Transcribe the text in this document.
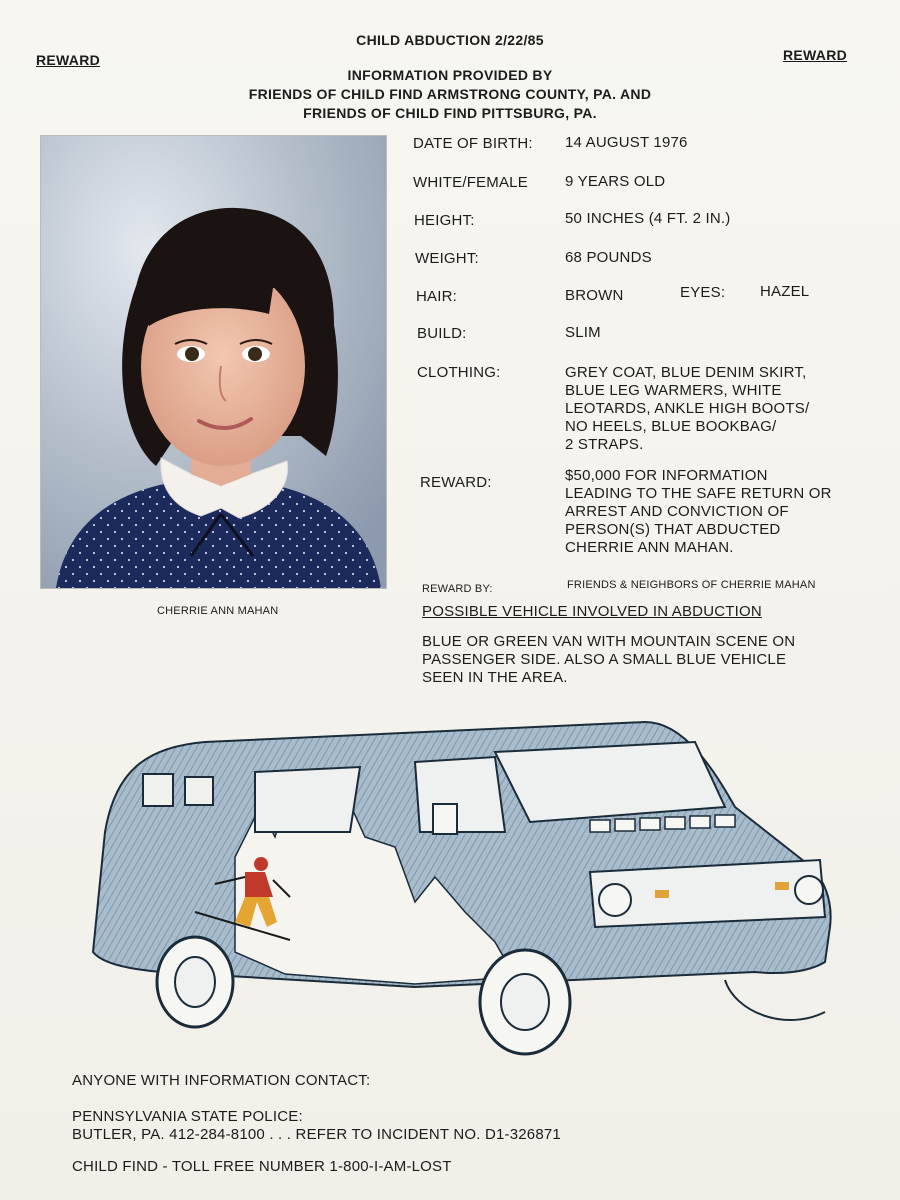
REWARD	REWARD
CHILD ABDUCTION 2/22/85
INFORMATION PROVIDED BY
FRIENDS OF CHILD FIND ARMSTRONG COUNTY, PA. AND
FRIENDS OF CHILD FIND PITTSBURG, PA.
CHERRIE ANN MAHAN
DATE OF BIRTH: 14 AUGUST 1976
WHITE/FEMALE 9 YEARS OLD
HEIGHT:	50 INCHES (4 FT. 2 IN.)
WEIGHT:	68 POUNDS
HAIR:	BROWN	EYES: HAZEL
BUILD:	SLIM
CLOTHING:	GREY COAT, BLUE DENIM SKIRT,
BLUE LEG WARMERS, WHITE
LEOTARDS, ANKLE HIGH BOOTS/
NO HEELS, BLUE BOOKBAG/
2 STRAPS.
REWARD:	$50,000 FOR INFORMATION
LEADING TO THE SAFE RETURN OR
ARREST AND CONVICTION OF
PERSON(S) THAT ABDUCTED
CHERRIE ANN MAHAN.
REWARD BY:	FRIENDS & NEIGHBORS OF CHERRIE MAHAN
POSSIBLE VEHICLE INVOLVED IN ABDUCTION
BLUE OR GREEN VAN WITH MOUNTAIN SCENE ON
PASSENGER SIDE. ALSO A SMALL BLUE VEHICLE
SEEN IN THE AREA.
ANYONE WITH INFORMATION CONTACT:
PENNSYLVANIA STATE POLICE:
BUTLER, PA. 412-284-8100 . . . REFER TO INCIDENT NO. D1-326871
CHILD FIND - TOLL FREE NUMBER 1-800-I-AM-LOST
